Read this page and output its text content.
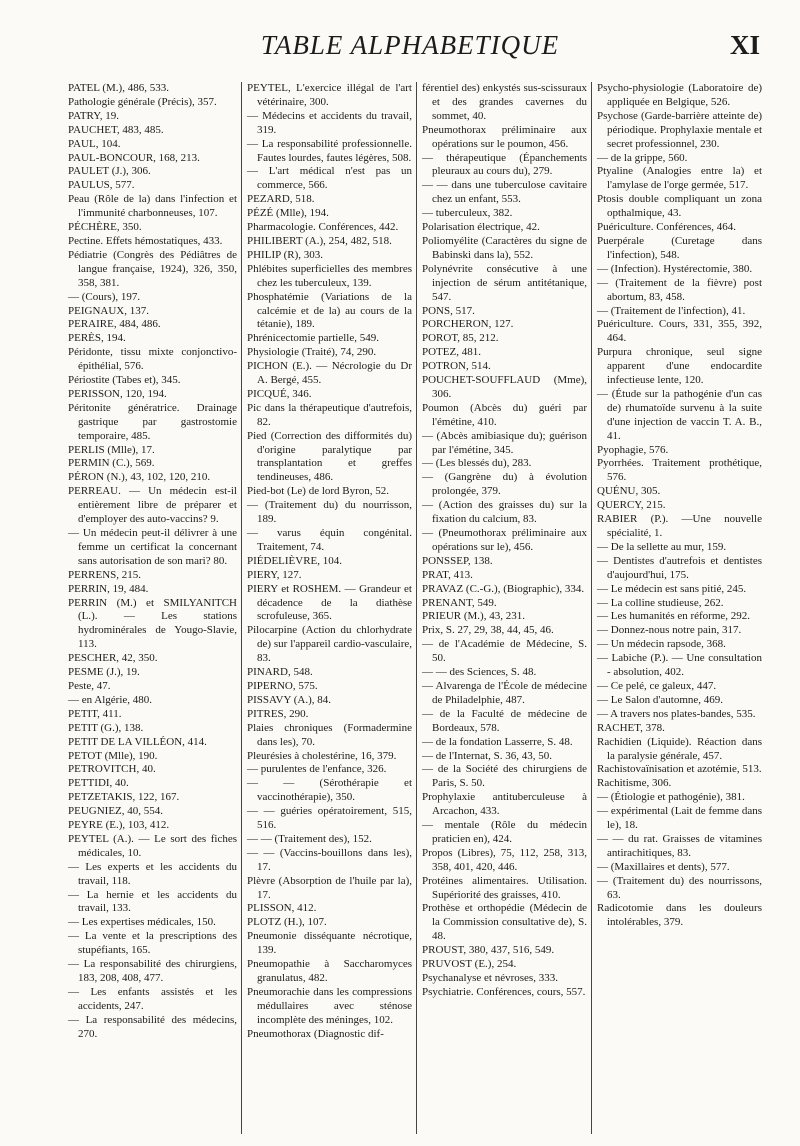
TABLE ALPHABETIQUE	XI
PATEL (M.), 486, 533.
Pathologie générale (Précis), 357.
PATRY, 19.
PAUCHET, 483, 485.
PAUL, 104.
PAUL-BONCOUR, 168, 213.
PAULET (J.), 306.
PAULUS, 577.
Peau (Rôle de la) dans l'infection et l'immunité charbonneuses, 107.
PÉCHÈRE, 350.
Pectine. Effets hémostatiques, 433.
Pédiatrie (Congrès des Pédiâtres de langue française, 1924), 326, 350, 358, 381.
— (Cours), 197.
PEIGNAUX, 137.
PERAIRE, 484, 486.
PERÈS, 194.
Péridonte, tissu mixte conjonctivo-épithélial, 576.
Périostite (Tabes et), 345.
PERISSON, 120, 194.
Péritonite génératrice. Drainage gastrique par gastrostomie temporaire, 485.
PERLIS (Mlle), 17.
PERMIN (C.), 569.
PÉRON (N.), 43, 102, 120, 210.
PERREAU. — Un médecin est-il entièrement libre de préparer et d'employer des auto-vaccins? 9.
— Un médecin peut-il délivrer à une femme un certificat la concernant sans autorisation de son mari? 80.
PERRENS, 215.
PERRIN, 19, 484.
PERRIN (M.) et SMILYANITCH (L.). — Les stations hydrominérales de Yougo-Slavie, 113.
PESCHER, 42, 350.
PESME (J.), 19.
Peste, 47.
— en Algérie, 480.
PETIT, 411.
PETIT (G.), 138.
PETIT DE LA VILLÉON, 414.
PETOT (Mlle), 190.
PETROVITCH, 40.
PETTIDI, 40.
PETZETAKIS, 122, 167.
PEUGNIEZ, 40, 554.
PEYRE (E.), 103, 412.
PEYTEL (A.). — Le sort des fiches médicales, 10.
— Les experts et les accidents du travail, 118.
— La hernie et les accidents du travail, 133.
— Les expertises médicales, 150.
— La vente et la prescriptions des stupéfiants, 165.
— La responsabilité des chirurgiens, 183, 208, 408, 477.
— Les enfants assistés et les accidents, 247.
— La responsabilité des médecins, 270.
PEYTEL, L'exercice illégal de l'art vétérinaire, 300.
— Médecins et accidents du travail, 319.
— La responsabilité professionnelle. Fautes lourdes, fautes légères, 508.
— L'art médical n'est pas un commerce, 566.
PEZARD, 518.
PÉZÉ (Mlle), 194.
Pharmacologie. Conférences, 442.
PHILIBERT (A.), 254, 482, 518.
PHILIP (R), 303.
Phlébites superficielles des membres chez les tuberculeux, 139.
Phosphatémie (Variations de la calcémie et de la) au cours de la tétanie), 189.
Phrénicectomie partielle, 549.
Physiologie (Traité), 74, 290.
PICHON (E.). — Nécrologie du Dr A. Bergé, 455.
PICQUÉ, 346.
Pic dans la thérapeutique d'autrefois, 82.
Pied (Correction des difformités du) d'origine paralytique par transplantation et greffes tendineuses, 486.
Pied-bot (Le) de lord Byron, 52.
— (Traitement du) du nourrisson, 189.
— varus équin congénital. Traitement, 74.
PIÉDELIÈVRE, 104.
PIERY, 127.
PIERY et ROSHEM. — Grandeur et décadence de la diathèse scrofuleuse, 365.
Pilocarpine (Action du chlorhydrate de) sur l'appareil cardio-vasculaire, 83.
PINARD, 548.
PIPERNO, 575.
PISSAVY (A.), 84.
PITRES, 290.
Plaies chroniques (Formadermine dans les), 70.
Pleurésies à cholestérine, 16, 379.
— purulentes de l'enfance, 326.
— — (Sérothérapie et vaccinothérapie), 350.
— — guéries opératoirement, 515, 516.
— — (Traitement des), 152.
— — (Vaccins-bouillons dans les), 17.
Plèvre (Absorption de l'huile par la), 17.
PLISSON, 412.
PLOTZ (H.), 107.
Pneumonie disséquante nécrotique, 139.
Pneumopathie à Saccharomyces granulatus, 482.
Pneumorachie dans les compressions médullaires avec sténose incomplète des méninges, 102.
Pneumothorax (Diagnostic dif-
férentiel des) enkystés sus-scissuraux et des grandes cavernes du sommet, 40.
Pneumothorax préliminaire aux opérations sur le poumon, 456.
— thérapeutique (Épanchements pleuraux au cours du), 279.
— — dans une tuberculose cavitaire chez un enfant, 553.
— tuberculeux, 382.
Polarisation électrique, 42.
Poliomyélite (Caractères du signe de Babinski dans la), 552.
Polynévrite consécutive à une injection de sérum antitétanique, 547.
PONS, 517.
PORCHERON, 127.
POROT, 85, 212.
POTEZ, 481.
POTRON, 514.
POUCHET-SOUFFLAUD (Mme), 306.
Poumon (Abcès du) guéri par l'émétine, 410.
— (Abcès amibiasique du); guérison par l'émétine, 345.
— (Les blessés du), 283.
— (Gangrène du) à évolution prolongée, 379.
— (Action des graisses du) sur la fixation du calcium, 83.
— (Pneumothorax préliminaire aux opérations sur le), 456.
PONSSEP, 138.
PRAT, 413.
PRAVAZ (C.-G.), (Biographic), 334.
PRENANT, 549.
PRIEUR (M.), 43, 231.
Prix, S. 27, 29, 38, 44, 45, 46.
— de l'Académie de Médecine, S. 50.
— — des Sciences, S. 48.
— Alvarenga de l'École de médecine de Philadelphie, 487.
— de la Faculté de médecine de Bordeaux, 578.
— de la fondation Lasserre, S. 48.
— de l'Internat, S. 36, 43, 50.
— de la Société des chirurgiens de Paris, S. 50.
Prophylaxie antituberculeuse à Arcachon, 433.
— mentale (Rôle du médecin praticien en), 424.
Propos (Libres), 75, 112, 258, 313, 358, 401, 420, 446.
Protéines alimentaires. Utilisation. Supériorité des graisses, 410.
Prothèse et orthopédie (Médecin de la Commission consultative de), S. 48.
PROUST, 380, 437, 516, 549.
PRUVOST (E.), 254.
Psychanalyse et névroses, 333.
Psychiatrie. Conférences, cours, 557.
Psycho-physiologie (Laboratoire de) appliquée en Belgique, 526.
Psychose (Garde-barrière atteinte de) périodique. Prophylaxie mentale et secret professionnel, 230.
— de la grippe, 560.
Ptyaline (Analogies entre la) et l'amylase de l'orge germée, 517.
Ptosis double compliquant un zona opthalmique, 43.
Puériculture. Conférences, 464.
Puerpérale (Curetage dans l'infection), 548.
— (Infection). Hystérectomie, 380.
— (Traitement de la fièvre) post abortum, 83, 458.
— (Traitement de l'infection), 41.
Puériculture. Cours, 331, 355, 392, 464.
Purpura chronique, seul signe apparent d'une endocardite infectieuse lente, 120.
— (Étude sur la pathogénie d'un cas de) rhumatoïde survenu à la suite d'une injection de vaccin T. A. B., 41.
Pyophagie, 576.
Pyorrhées. Traitement prothétique, 576.
QUÉNU, 305.
QUERCY, 215.
RABIER (P.). —Une nouvelle spécialité, 1.
— De la sellette au mur, 159.
— Dentistes d'autrefois et dentistes d'aujourd'hui, 175.
— Le médecin est sans pitié, 245.
— La colline studieuse, 262.
— Les humanités en réforme, 292.
— Donnez-nous notre pain, 317.
— Un médecin rapsode, 368.
— Labiche (P.). — Une consultation - absolution, 402.
— Ce pelé, ce galeux, 447.
— Le Salon d'automne, 469.
— A travers nos plates-bandes, 535.
RACHET, 378.
Rachidien (Liquide). Réaction dans la paralysie générale, 457.
Rachistovaïnisation et azotémie, 513.
Rachitisme, 306.
— (Étiologie et pathogénie), 381.
— expérimental (Lait de femme dans le), 18.
— — du rat. Graisses de vitamines antirachitiques, 83.
— (Maxillaires et dents), 577.
— (Traitement du) des nourrissons, 63.
Radicotomie dans les douleurs intolérables, 379.
